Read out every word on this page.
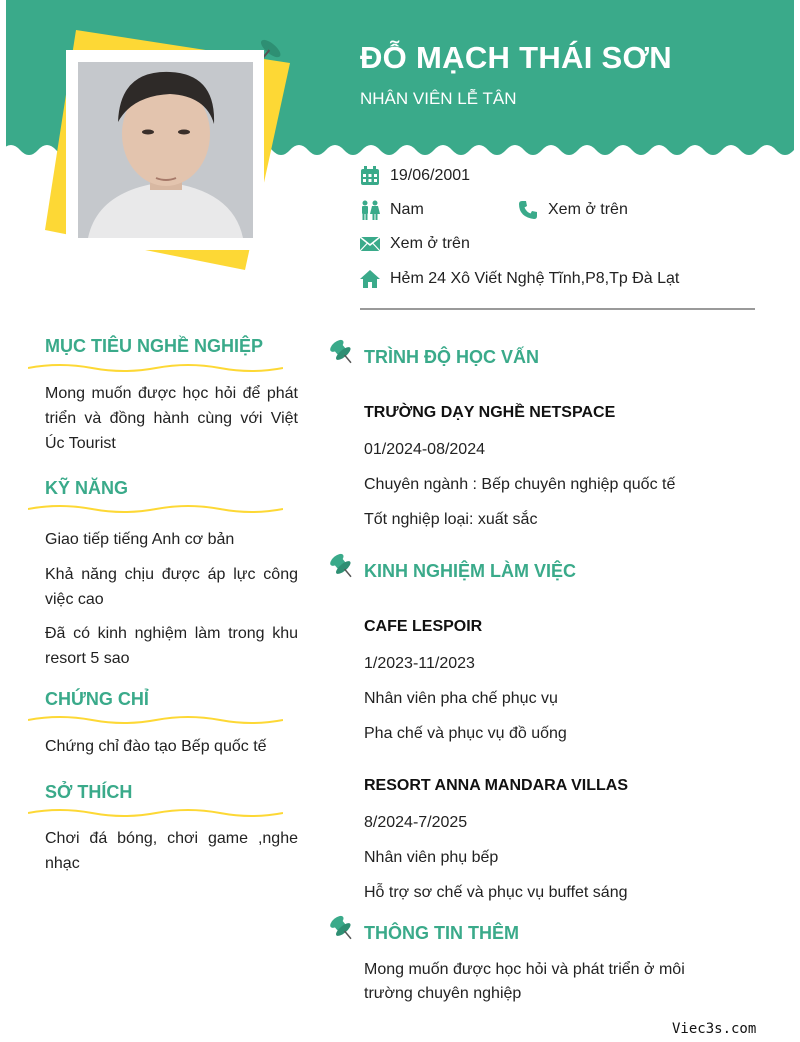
ĐỖ MẠCH THÁI SƠN
NHÂN VIÊN LỄ TÂN
19/06/2001
Nam	Xem ở trên
Xem ở trên
Hẻm 24 Xô Viết Nghệ Tĩnh,P8,Tp Đà Lạt
MỤC TIÊU NGHỀ NGHIỆP
Mong muốn được học hỏi để phát triển và đồng hành cùng với Việt Úc Tourist
KỸ NĂNG
Giao tiếp tiếng Anh cơ bản
Khả năng chịu được áp lực công việc cao
Đã có kinh nghiệm làm trong khu resort 5 sao
CHỨNG CHỈ
Chứng chỉ đào tạo Bếp quốc tế
SỞ THÍCH
Chơi đá bóng, chơi game ,nghe nhạc
TRÌNH ĐỘ HỌC VẤN
TRƯỜNG DẠY NGHỀ NETSPACE
01/2024-08/2024
Chuyên ngành : Bếp chuyên nghiệp quốc tế
Tốt nghiệp loại: xuất sắc
KINH NGHIỆM LÀM VIỆC
CAFE LESPOIR
1/2023-11/2023
Nhân viên pha chế phục vụ
Pha chế và phục vụ đồ uống
RESORT ANNA MANDARA VILLAS
8/2024-7/2025
Nhân viên phụ bếp
Hỗ trợ sơ chế và phục vụ buffet sáng
THÔNG TIN THÊM
Mong muốn được học hỏi và phát triển ở môi trường chuyên nghiệp
Viec3s.com
